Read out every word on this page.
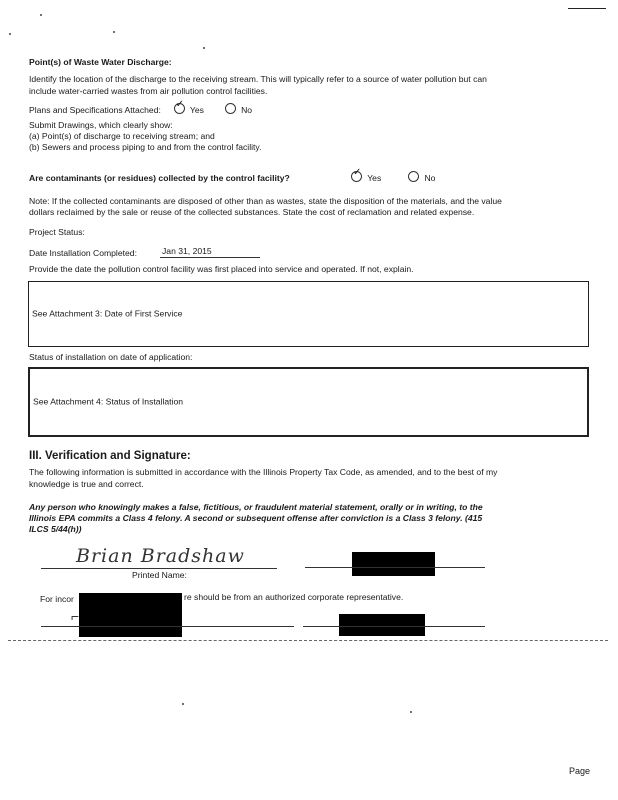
Point(s) of Waste Water Discharge:
Identify the location of the discharge to the receiving stream. This will typically refer to a source of water pollution but can
include water-carried wastes from air pollution control facilities.
Plans and Specifications Attached: ✓ Yes	No
Submit Drawings, which clearly show:
(a) Point(s) of discharge to receiving stream; and
(b) Sewers and process piping to and from the control facility.
Are contaminants (or residues) collected by the control facility?	✓ Yes	No
Note: If the collected contaminants are disposed of other than as wastes, state the disposition of the materials, and the value
dollars reclaimed by the sale or reuse of the collected substances. State the cost of reclamation and related expense.
Project Status:
Date Installation Completed:	Jan 31, 2015
Provide the date the pollution control facility was first placed into service and operated. If not, explain.
See Attachment 3: Date of First Service
Status of installation on date of application:
See Attachment 4: Status of Installation
III. Verification and Signature:
The following information is submitted in accordance with the Illinois Property Tax Code, as amended, and to the best of my
knowledge is true and correct.
Any person who knowingly makes a false, fictitious, or fraudulent material statement, orally or in writing, to the
Illinois EPA commits a Class 4 felony. A second or subsequent offense after conviction is a Class 3 felony. (415
ILCS 5/44(h))
Brian Bradshaw
Printed Name:
For incor	re should be from an authorized corporate representative.
⌐
Page
